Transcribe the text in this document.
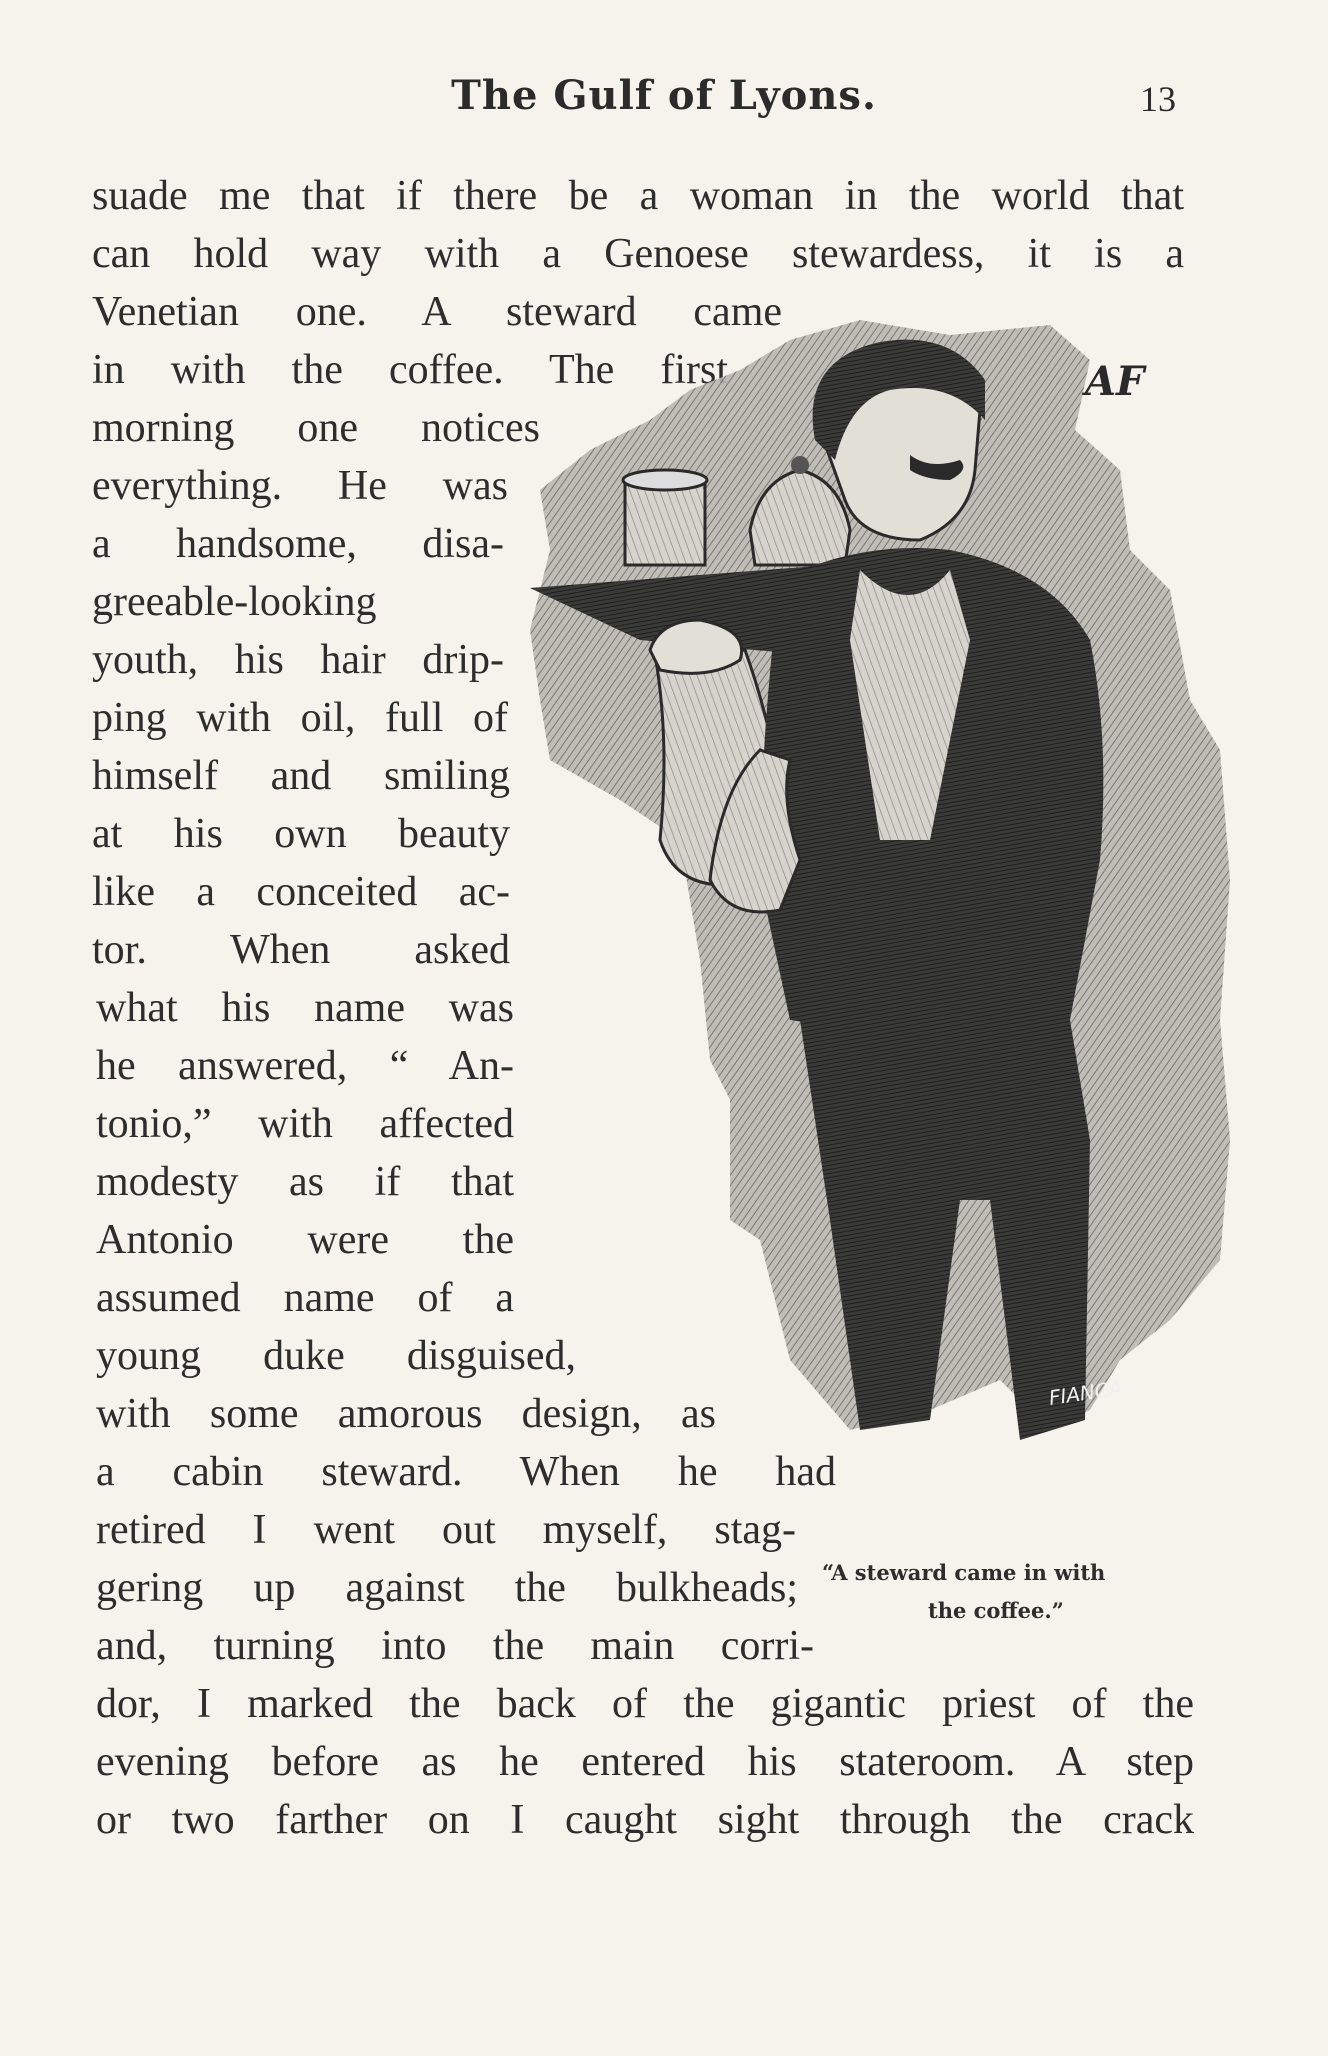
The Gulf of Lyons.	13
suade me that if there be a woman in the world that
can hold way with a Genoese stewardess, it is a
Venetian one. A steward came
in with the coffee. The first
morning one notices
everything. He was
a handsome, disa-
greeable-looking
youth, his hair drip-
ping with oil, full of
himself and smiling
at his own beauty
like a conceited ac-
tor. When asked
what his name was
he answered, “ An-
tonio,” with affected
modesty as if that
Antonio were the
assumed name of a
young duke disguised,
with some amorous design, as
a cabin steward. When he had
retired I went out myself, stag-
gering up against the bulkheads;
and, turning into the main corri-
dor, I marked the back of the gigantic priest of the
evening before as he entered his stateroom. A step
or two farther on I caught sight through the crack
AF
FIANCA
“A steward came in with
the coffee.”
